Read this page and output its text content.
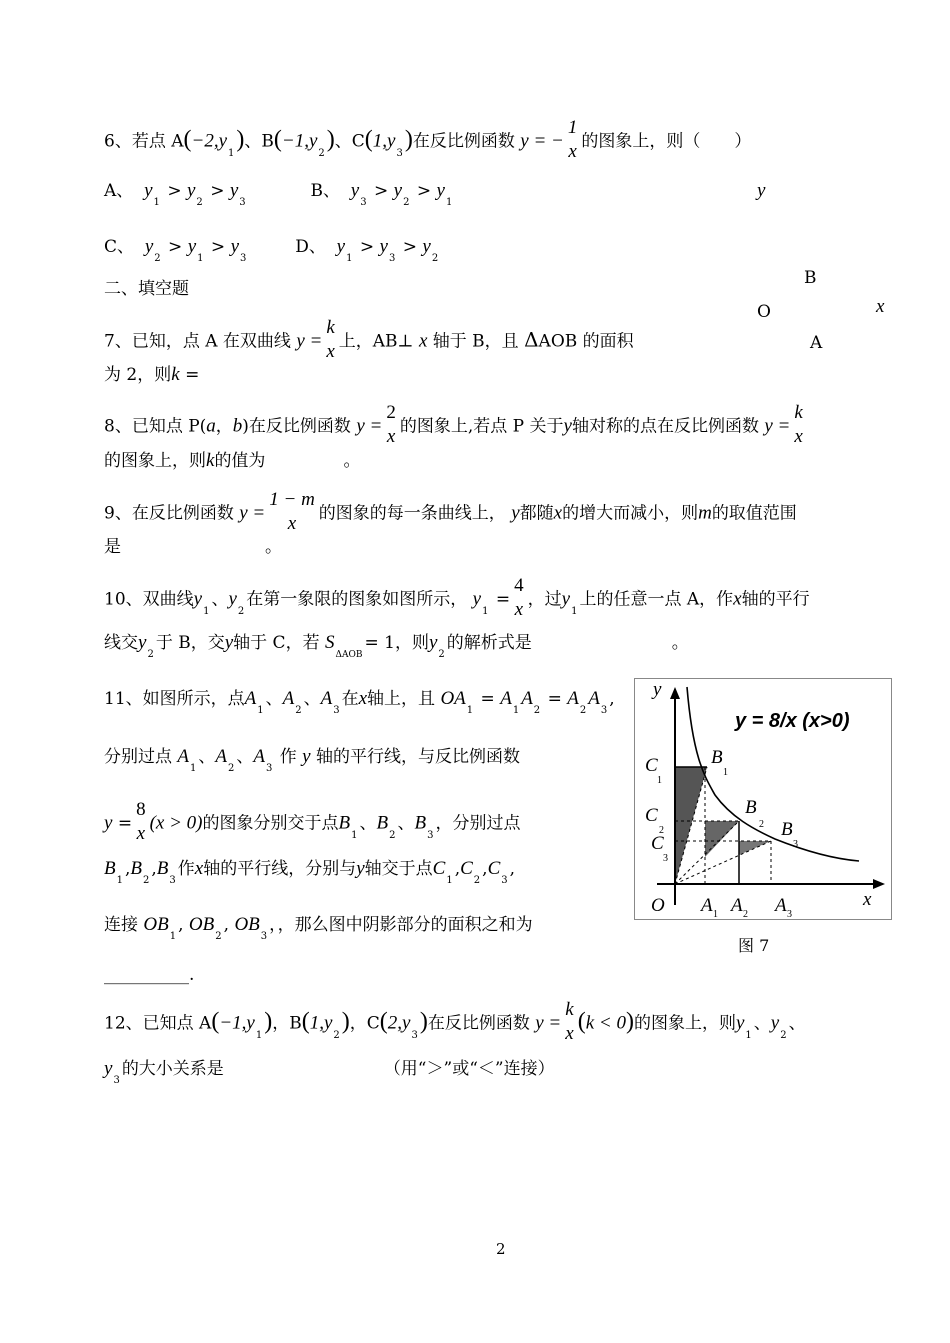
6、若点 $A(-2,y_1)$、$B(-1,y_2)$、$C(1,y_3)$在反比例函数 y = −
1
x 的图象上，则（　　）
A、 $y_1 > y_2 > y_3$  B、 $y_3 > y_2 > y_1$
C、 $y_2 > y_1 > y_3$  D、 $y_1 > y_3 > y_2$
二、填空题
y
B
O	x
A
7、已知，点 A 在双曲线 y =
k
x 上，AB⊥ x 轴于 B，且 ΔAOB 的面积
为 2，则k =
8、已知点 P(a，b)在反比例函数 y =
2
x 的图象上,若点 P 关于y轴对称的点在反比例函数 y =
k
x
的图象上，则k的值为	。
9、在反比例函数 y =
1 − m
x	的图象的每一条曲线上， y都随x的增大而减小，则m的取值范围
是	。
10、双曲线$y_1$、$y_2$在第一象限的图象如图所示， $y_1$ =
4
x ，过$y_1$上的任意一点 A，作x轴的平行
线交$y_2$于 B，交y轴于 C，若 $S_{\Delta AOB}= 1$，则$y_2$的解析式是	。
11、如图所示，点$A_1$、$A_2$、$A_3$在x轴上，且 $OA_1 = A_1A_2 = A_2A_3$,
分别过点 $A_1$、$A_2$、$A_3$ 作 y 轴的平行线，与反比例函数
y =
8
x (x > 0)的图象分别交于点$B_1$、$B_2$、$B_3$，分别过点
$B_1,B_2,B_3$作x轴的平行线，分别与y轴交于点$C_1,C_2,C_3$,
连接 $OB_1$, $OB_2$, $OB_3$，，那么图中阴影部分的面积之和为
__________.
y = 8/x (x>0)
y
x
O A A A
B
B
B
C
C
C
1	2	3
1
2
3
1
2
3
图 7
12、已知点 $A(-1,y_1)$，$B(1,y_2)$，$C(2,y_3)$在反比例函数 y =
k
x (k < 0)的图象上，则$y_1$、$y_2$、
$y_3$的大小关系是	（用“＞”或“＜”连接）
2
